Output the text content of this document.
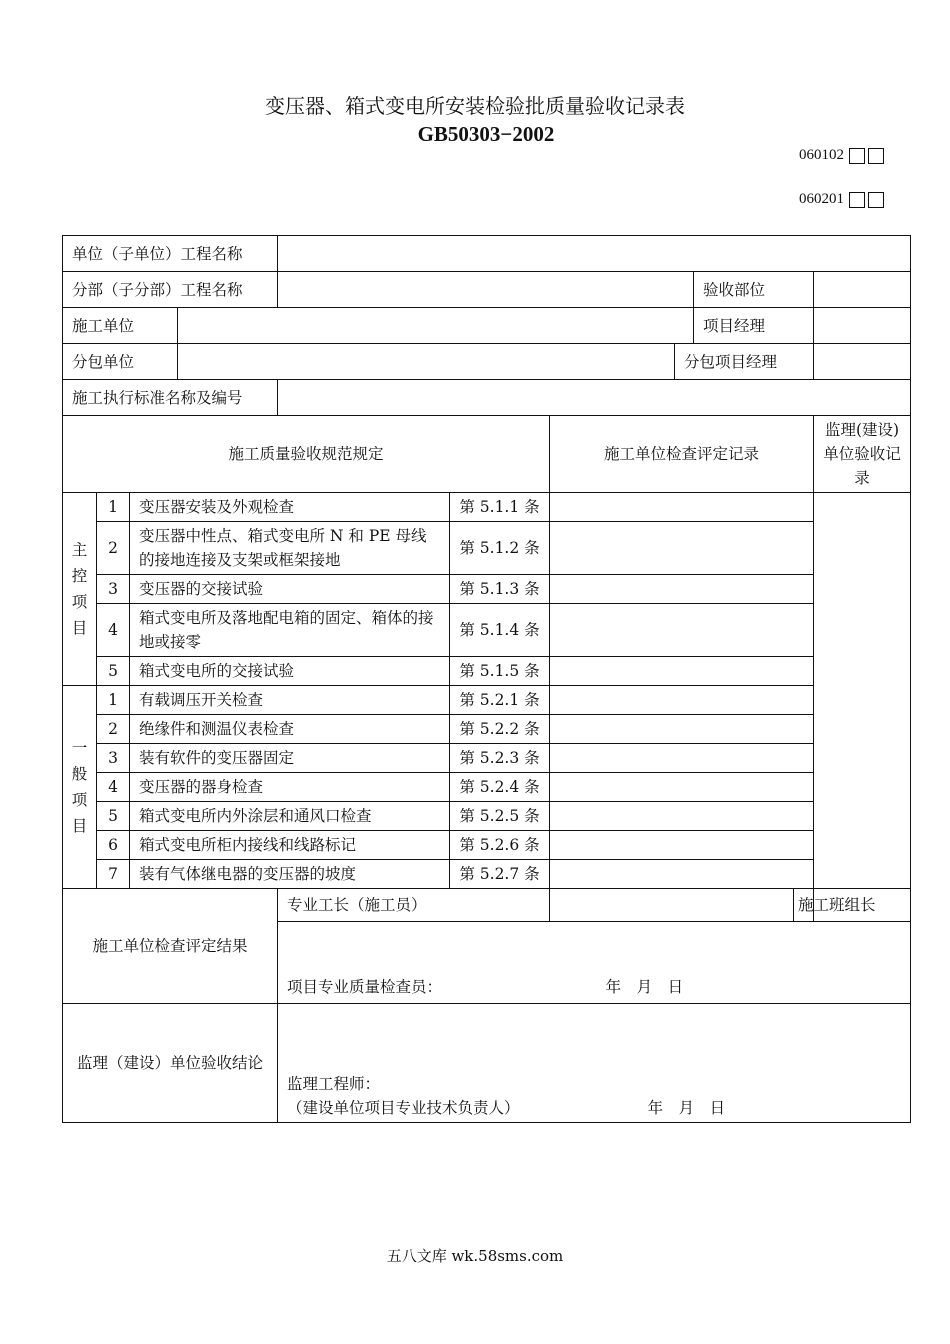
变压器、箱式变电所安装检验批质量验收记录表
GB50303−2002
060102
060201
单位（子单位）工程名称										
分部（子分部）工程名称								验收部位		
施工单位								项目经理		
分包单位							分包项目经理			
施工执行标准名称及编号										
施工质量验收规范规定						施工单位检查评定记录				监理(建设)单位验收记录

主控项目	1	变压器安装及外观检查			第 5.1.1 条					
	2	变压器中性点、箱式变电所 N 和 PE 母线的接地连接及支架或框架接地			第 5.1.2 条					
	3	变压器的交接试验			第 5.1.3 条					
	4	箱式变电所及落地配电箱的固定、箱体的接地或接零			第 5.1.4 条					
	5	箱式变电所的交接试验			第 5.1.5 条					

一般项目	1	有载调压开关检查			第 5.2.1 条					
	2	绝缘件和测温仪表检查			第 5.2.2 条					
	3	装有软件的变压器固定			第 5.2.3 条					
	4	变压器的器身检查			第 5.2.4 条					
	5	箱式变电所内外涂层和通风口检查			第 5.2.5 条					
	6	箱式变电所柜内接线和线路标记			第 5.2.6 条					
	7	装有气体继电器的变压器的坡度			第 5.2.7 条					
施工单位检查评定结果				专业工长（施工员）					施工班组长	

				项目专业质量检查员： 年　月　日						

监理（建设）单位验收结论				监理工程师：
（建设单位项目专业技术负责人） 年　月　日						
五八文库 wk.58sms.com
